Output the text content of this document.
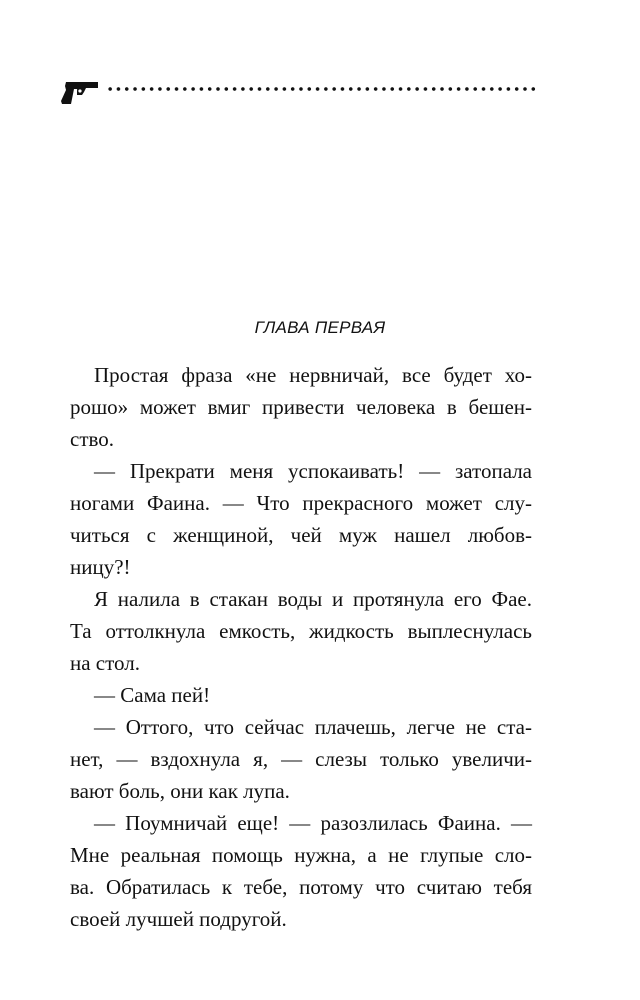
ГЛАВА ПЕРВАЯ

Простая фраза «не нервничай, все будет хо-
рошо» может вмиг привести человека в бешен-
ство.

— Прекрати меня успокаивать! — затопала
ногами Фаина. — Что прекрасного может слу-
читься с женщиной, чей муж нашел любов-
ницу?!

Я налила в стакан воды и протянула его Фае.
Та оттолкнула емкость, жидкость выплеснулась
на стол.

— Сама пей!

— Оттого, что сейчас плачешь, легче не ста-
нет, — вздохнула я, — слезы только увеличи-
вают боль, они как лупа.

— Поумничай еще! — разозлилась Фаина. —
Мне реальная помощь нужна, а не глупые сло-
ва. Обратилась к тебе, потому что считаю тебя
своей лучшей подругой.
